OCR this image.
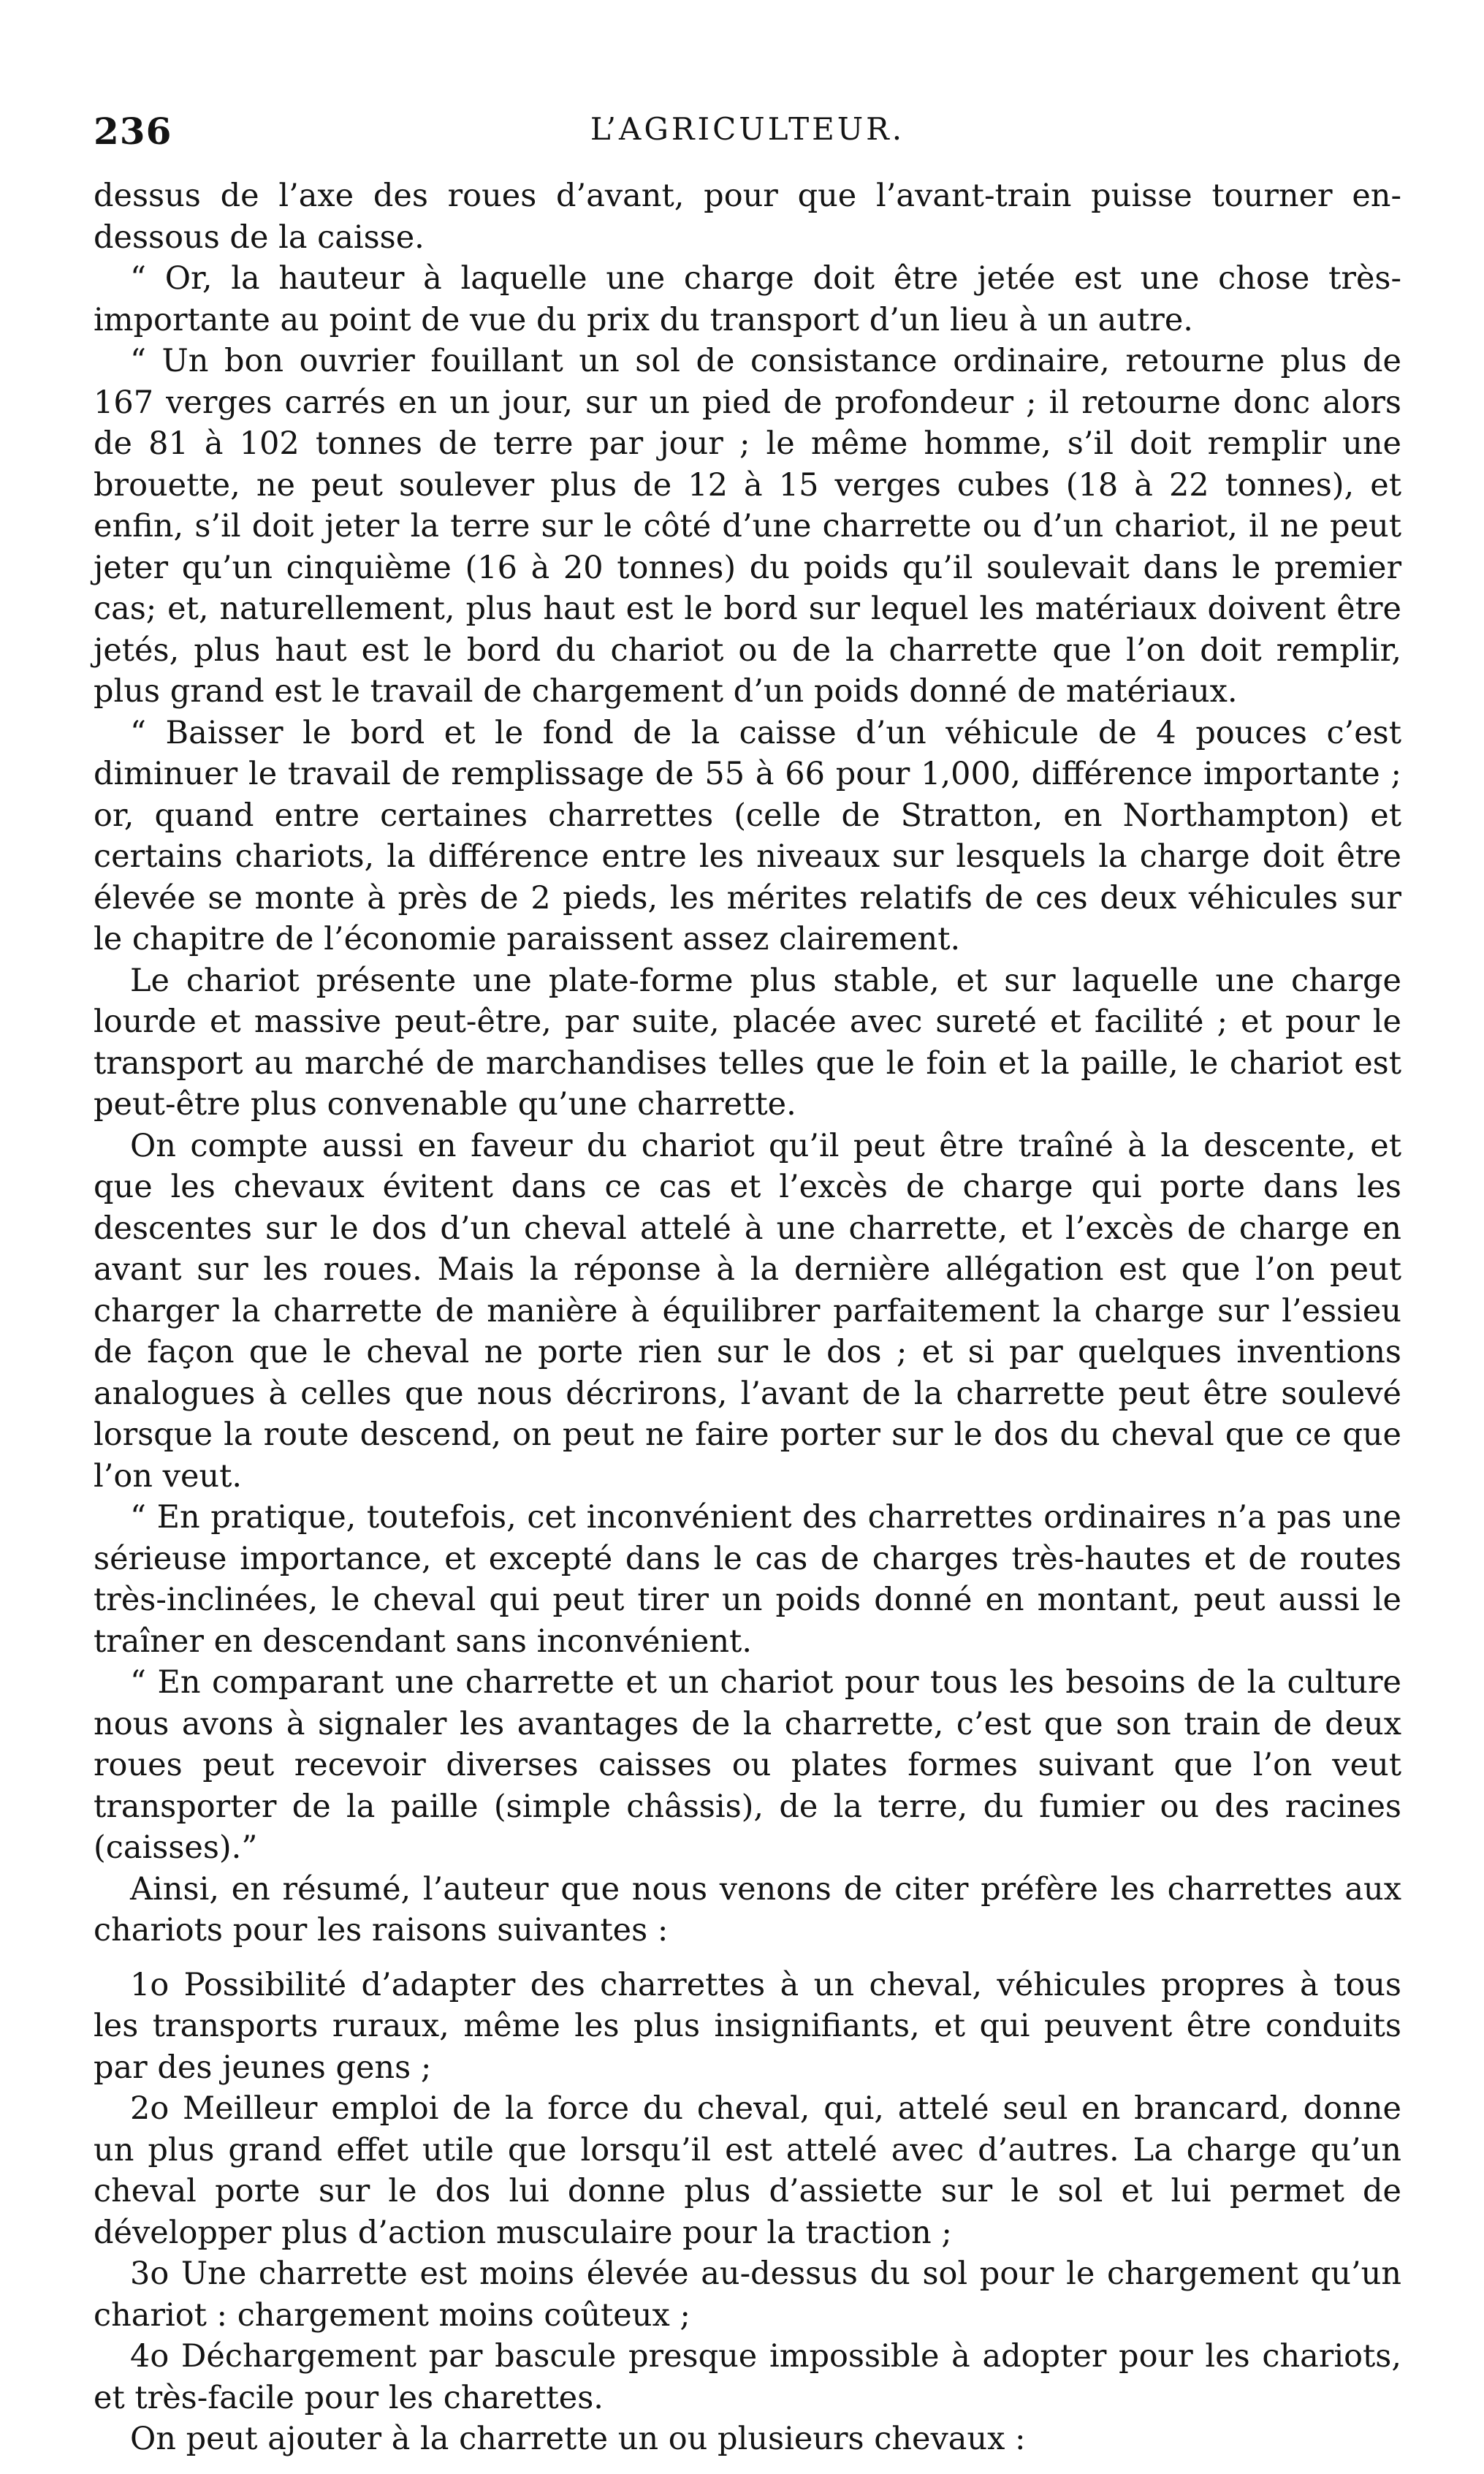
236	L’AGRICULTEUR.

dessus de l’axe des roues d’avant, pour que l’avant-train puisse tourner en-dessous de la caisse.

“ Or, la hauteur à laquelle une charge doit être jetée est une chose très-importante au point de vue du prix du transport d’un lieu à un autre.

“ Un bon ouvrier fouillant un sol de consistance ordinaire, retourne plus de 167 verges carrés en un jour, sur un pied de profondeur ; il retourne donc alors de 81 à 102 tonnes de terre par jour ; le même homme, s’il doit remplir une brouette, ne peut soulever plus de 12 à 15 verges cubes (18 à 22 tonnes), et enfin, s’il doit jeter la terre sur le côté d’une charrette ou d’un chariot, il ne peut jeter qu’un cinquième (16 à 20 tonnes) du poids qu’il soulevait dans le premier cas; et, naturellement, plus haut est le bord sur lequel les matériaux doivent être jetés, plus haut est le bord du chariot ou de la charrette que l’on doit remplir, plus grand est le travail de chargement d’un poids donné de matériaux.

“ Baisser le bord et le fond de la caisse d’un véhicule de 4 pouces c’est diminuer le travail de remplissage de 55 à 66 pour 1,000, différence importante ; or, quand entre certaines charrettes (celle de Stratton, en Northampton) et certains chariots, la différence entre les niveaux sur lesquels la charge doit être élevée se monte à près de 2 pieds, les mérites relatifs de ces deux véhicules sur le chapitre de l’économie paraissent assez clairement.

Le chariot présente une plate-forme plus stable, et sur laquelle une charge lourde et massive peut-être, par suite, placée avec sureté et facilité ; et pour le transport au marché de marchandises telles que le foin et la paille, le chariot est peut-être plus convenable qu’une charrette.

On compte aussi en faveur du chariot qu’il peut être traîné à la descente, et que les chevaux évitent dans ce cas et l’excès de charge qui porte dans les descentes sur le dos d’un cheval attelé à une charrette, et l’excès de charge en avant sur les roues. Mais la réponse à la dernière allégation est que l’on peut charger la charrette de manière à équilibrer parfaitement la charge sur l’essieu de façon que le cheval ne porte rien sur le dos ; et si par quelques inventions analogues à celles que nous décrirons, l’avant de la charrette peut être soulevé lorsque la route descend, on peut ne faire porter sur le dos du cheval que ce que l’on veut.

“ En pratique, toutefois, cet inconvénient des charrettes ordinaires n’a pas une sérieuse importance, et excepté dans le cas de charges très-hautes et de routes très-inclinées, le cheval qui peut tirer un poids donné en montant, peut aussi le traîner en descendant sans inconvénient.

“ En comparant une charrette et un chariot pour tous les besoins de la culture nous avons à signaler les avantages de la charrette, c’est que son train de deux roues peut recevoir diverses caisses ou plates formes suivant que l’on veut transporter de la paille (simple châssis), de la terre, du fumier ou des racines (caisses).”

Ainsi, en résumé, l’auteur que nous venons de citer préfère les charrettes aux chariots pour les raisons suivantes :

1o Possibilité d’adapter des charrettes à un cheval, véhicules propres à tous les transports ruraux, même les plus insignifiants, et qui peuvent être conduits par des jeunes gens ;

2o Meilleur emploi de la force du cheval, qui, attelé seul en brancard, donne un plus grand effet utile que lorsqu’il est attelé avec d’autres. La charge qu’un cheval porte sur le dos lui donne plus d’assiette sur le sol et lui permet de développer plus d’action musculaire pour la traction ;

3o Une charrette est moins élevée au-dessus du sol pour le chargement qu’un chariot : chargement moins coûteux ;

4o Déchargement par bascule presque impossible à adopter pour les chariots, et très-facile pour les charettes.

On peut ajouter à la charrette un ou plusieurs chevaux :
